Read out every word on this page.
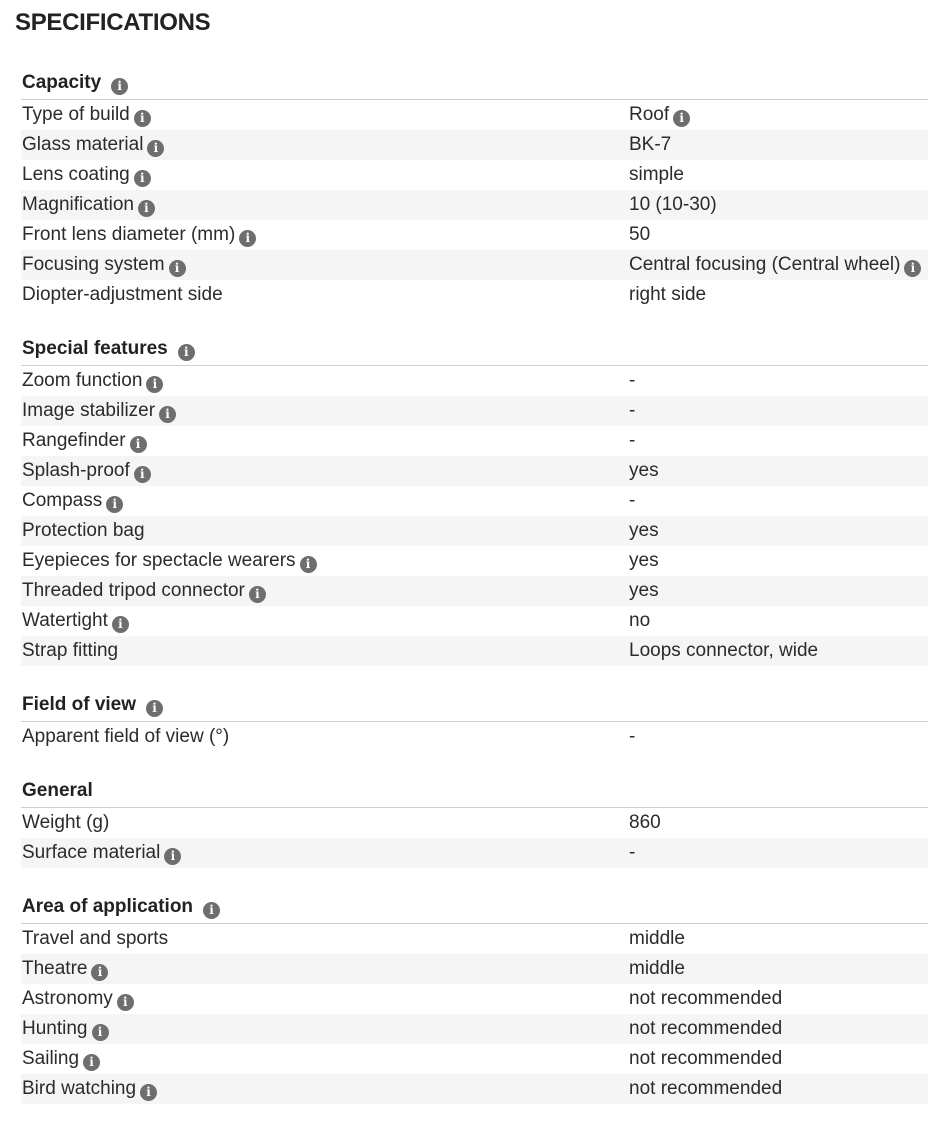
SPECIFICATIONS
Capacity i
Type of build i	Roof i
Glass material i	BK-7
Lens coating i	simple
Magnification i	10 (10-30)
Front lens diameter (mm) i	50
Focusing system i	Central focusing (Central wheel) i
Diopter-adjustment side	right side
Special features i
Zoom function i	-
Image stabilizer i	-
Rangefinder i	-
Splash-proof i	yes
Compass i	-
Protection bag	yes
Eyepieces for spectacle wearers i	yes
Threaded tripod connector i	yes
Watertight i	no
Strap fitting	Loops connector, wide
Field of view i
Apparent field of view (°)	-
General
Weight (g)	860
Surface material i	-
Area of application i
Travel and sports	middle
Theatre i	middle
Astronomy i	not recommended
Hunting i	not recommended
Sailing i	not recommended
Bird watching i	not recommended
